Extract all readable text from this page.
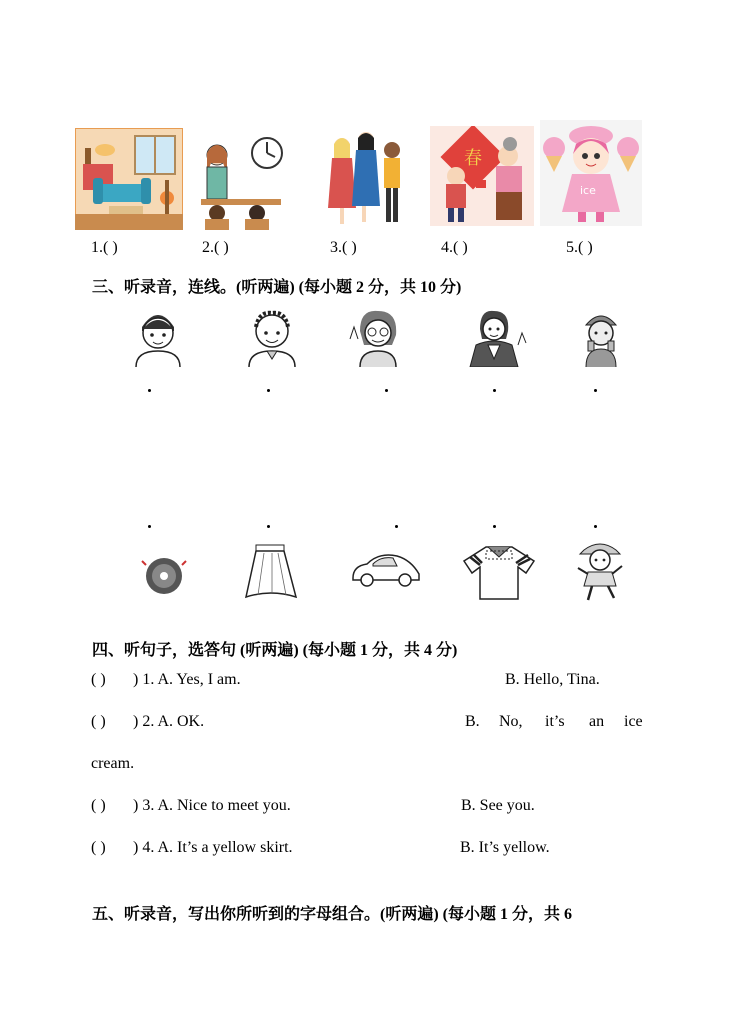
春
ice
1.( )	2.( )	3.( )	4.( )	5.( )
三、听录音，连线。(听两遍) (每小题 2 分，共 10 分)
四、听句子，选答句 (听两遍) (每小题 1 分，共 4 分)
( ) ) 1. A. Yes, I am.	B. Hello, Tina.
( ) ) 2. A. OK.	B. No, it’s an ice
cream.
( ) ) 3. A. Nice to meet you.	B. See you.
( ) ) 4. A. It’s a yellow skirt.	B. It’s yellow.
五、听录音，写出你所听到的字母组合。(听两遍) (每小题 1 分，共 6
